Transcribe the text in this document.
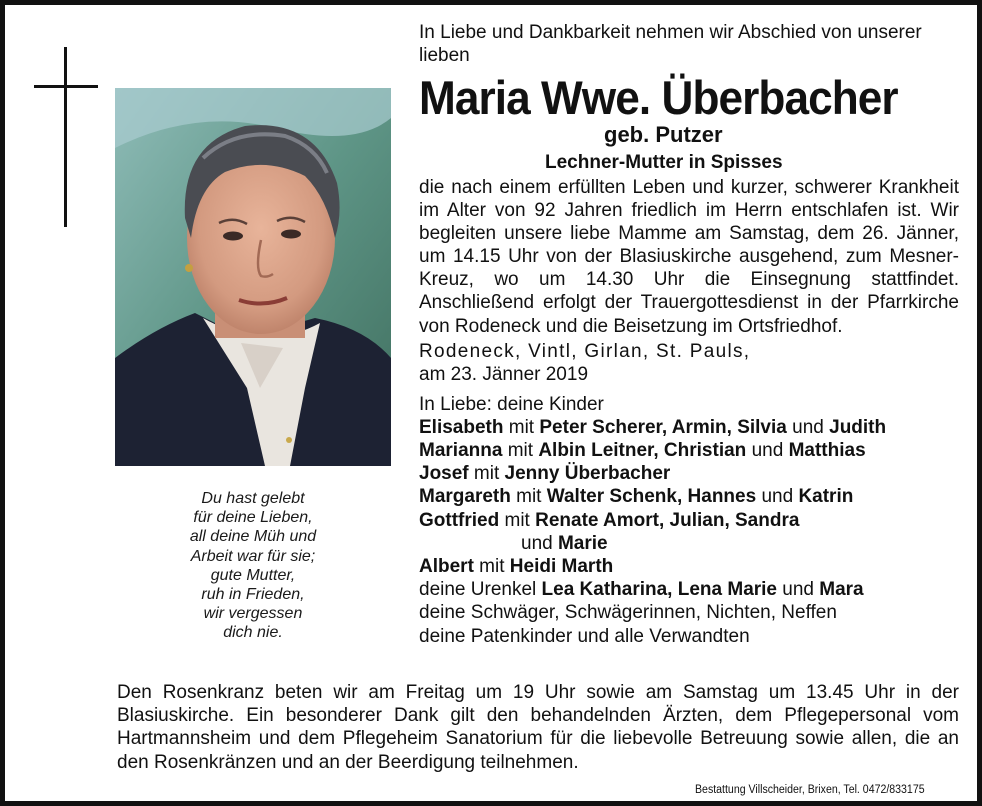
Du hast gelebt
für deine Lieben,
all deine Müh und
Arbeit war für sie;
gute Mutter,
ruh in Frieden,
wir vergessen
dich nie.
In Liebe und Dankbarkeit nehmen wir Abschied von unserer lieben
Maria Wwe. Überbacher
geb. Putzer
Lechner-Mutter in Spisses
die nach einem erfüllten Leben und kurzer, schwerer Krankheit im Alter von 92 Jahren friedlich im Herrn entschlafen ist. Wir begleiten unsere liebe Mamme am Samstag, dem 26. Jänner, um 14.15 Uhr von der Blasiuskirche ausgehend, zum Mesner-Kreuz, wo um 14.30 Uhr die Einsegnung stattfindet. Anschließend erfolgt der Trauergottesdienst in der Pfarrkirche von Rodeneck und die Beisetzung im Ortsfriedhof.
Rodeneck, Vintl, Girlan, St. Pauls,
am 23. Jänner 2019
In Liebe: deine Kinder
Elisabeth mit Peter Scherer, Armin, Silvia und Judith
Marianna mit Albin Leitner, Christian und Matthias
Josef mit Jenny Überbacher
Margareth mit Walter Schenk, Hannes und Katrin
Gottfried mit Renate Amort, Julian, Sandra
und Marie
Albert mit Heidi Marth
deine Urenkel Lea Katharina, Lena Marie und Mara
deine Schwäger, Schwägerinnen, Nichten, Neffen
deine Patenkinder und alle Verwandten
Den Rosenkranz beten wir am Freitag um 19 Uhr sowie am Samstag um 13.45 Uhr in der Blasiuskirche. Ein besonderer Dank gilt den behandelnden Ärzten, dem Pflegepersonal vom Hartmannsheim und dem Pflegeheim Sanatorium für die liebevolle Betreuung sowie allen, die an den Rosenkränzen und an der Beerdigung teilnehmen.
Bestattung Villscheider, Brixen, Tel. 0472/833175
